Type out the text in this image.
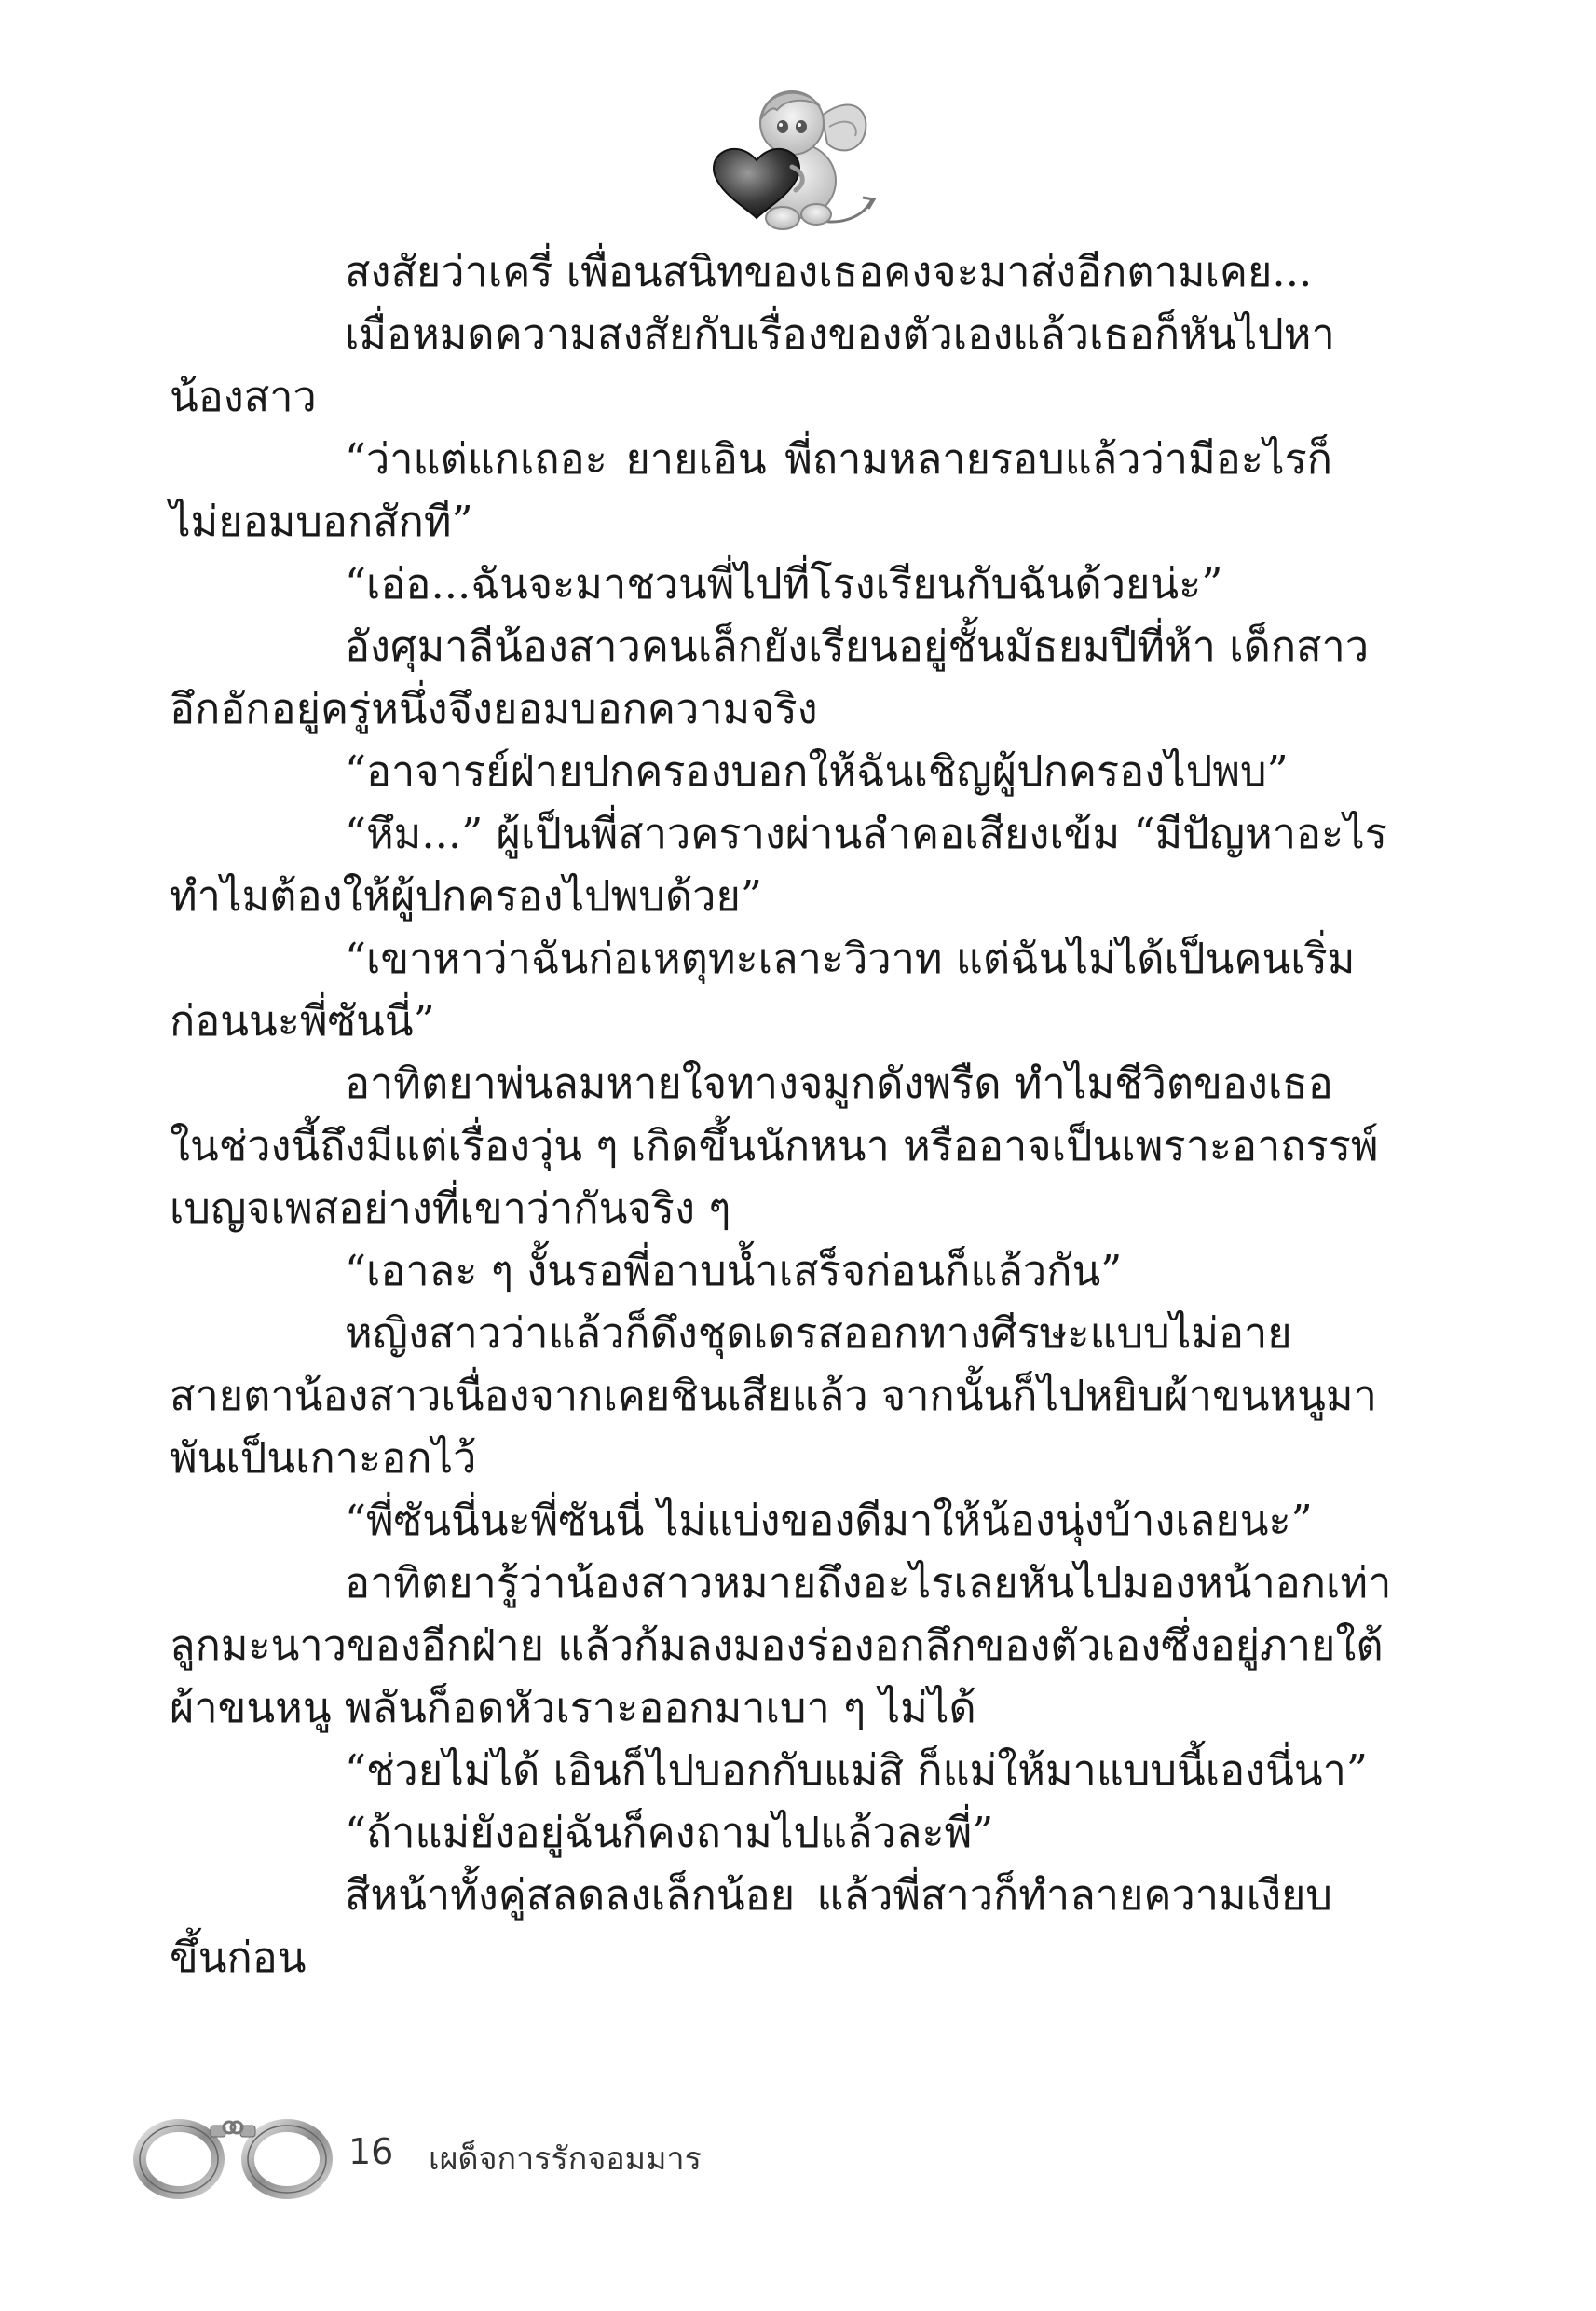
สงสัยว่าเครี่ เพื่อนสนิทของเธอคงจะมาส่งอีกตามเคย...
เมื่อหมดความสงสัยกับเรื่องของตัวเองแล้วเธอก็หันไปหา
น้องสาว
“ว่าแต่แกเถอะ ยายเอิน พี่ถามหลายรอบแล้วว่ามีอะไรก็
ไม่ยอมบอกสักที”
“เอ่อ...ฉันจะมาชวนพี่ไปที่โรงเรียนกับฉันด้วยน่ะ”
อังศุมาลีน้องสาวคนเล็กยังเรียนอยู่ชั้นมัธยมปีที่ห้า เด็กสาว
อึกอักอยู่ครู่หนึ่งจึงยอมบอกความจริง
“อาจารย์ฝ่ายปกครองบอกให้ฉันเชิญผู้ปกครองไปพบ”
“หึม...” ผู้เป็นพี่สาวครางผ่านลำคอเสียงเข้ม “มีปัญหาอะไร
ทำไมต้องให้ผู้ปกครองไปพบด้วย”
“เขาหาว่าฉันก่อเหตุทะเลาะวิวาท แต่ฉันไม่ได้เป็นคนเริ่ม
ก่อนนะพี่ซันนี่”
อาทิตยาพ่นลมหายใจทางจมูกดังพรืด ทำไมชีวิตของเธอ
ในช่วงนี้ถึงมีแต่เรื่องวุ่น ๆ เกิดขึ้นนักหนา หรืออาจเป็นเพราะอาถรรพ์
เบญจเพสอย่างที่เขาว่ากันจริง ๆ
“เอาละ ๆ งั้นรอพี่อาบน้ำเสร็จก่อนก็แล้วกัน”
หญิงสาวว่าแล้วก็ดึงชุดเดรสออกทางศีรษะแบบไม่อาย
สายตาน้องสาวเนื่องจากเคยชินเสียแล้ว จากนั้นก็ไปหยิบผ้าขนหนูมา
พันเป็นเกาะอกไว้
“พี่ซันนี่นะพี่ซันนี่ ไม่แบ่งของดีมาให้น้องนุ่งบ้างเลยนะ”
อาทิตยารู้ว่าน้องสาวหมายถึงอะไรเลยหันไปมองหน้าอกเท่า
ลูกมะนาวของอีกฝ่าย แล้วก้มลงมองร่องอกลึกของตัวเองซึ่งอยู่ภายใต้
ผ้าขนหนู พลันก็อดหัวเราะออกมาเบา ๆ ไม่ได้
“ช่วยไม่ได้ เอินก็ไปบอกกับแม่สิ ก็แม่ให้มาแบบนี้เองนี่นา”
“ถ้าแม่ยังอยู่ฉันก็คงถามไปแล้วละพี่”
สีหน้าทั้งคู่สลดลงเล็กน้อย แล้วพี่สาวก็ทำลายความเงียบ
ขึ้นก่อน
16 เผด็จการรักจอมมาร
